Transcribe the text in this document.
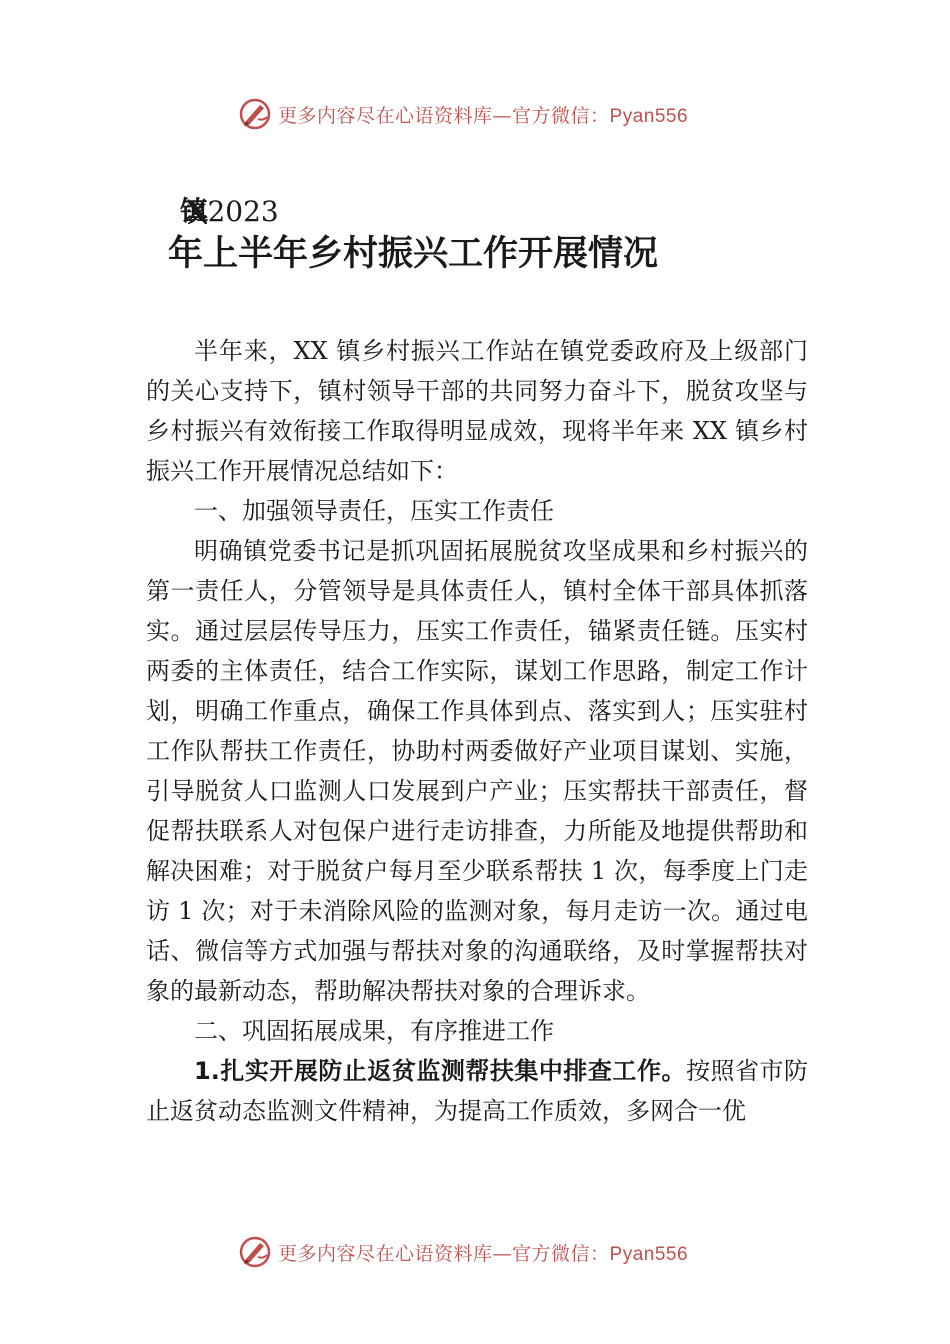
更多内容尽在心语资料库—官方微信：Pyan556
镇XX 2023
年上半年乡村振兴工作开展情况

半年来，XX 镇乡村振兴工作站在镇党委政府及上级部门的关心支持下，镇村领导干部的共同努力奋斗下，脱贫攻坚与乡村振兴有效衔接工作取得明显成效，现将半年来 XX 镇乡村振兴工作开展情况总结如下：

一、加强领导责任，压实工作责任

明确镇党委书记是抓巩固拓展脱贫攻坚成果和乡村振兴的第一责任人，分管领导是具体责任人，镇村全体干部具体抓落实。通过层层传导压力，压实工作责任，锚紧责任链。压实村两委的主体责任，结合工作实际，谋划工作思路，制定工作计划，明确工作重点，确保工作具体到点、落实到人；压实驻村工作队帮扶工作责任，协助村两委做好产业项目谋划、实施，引导脱贫人口监测人口发展到户产业；压实帮扶干部责任，督促帮扶联系人对包保户进行走访排查，力所能及地提供帮助和解决困难；对于脱贫户每月至少联系帮扶 1 次，每季度上门走访 1 次；对于未消除风险的监测对象，每月走访一次。通过电话、微信等方式加强与帮扶对象的沟通联络，及时掌握帮扶对象的最新动态，帮助解决帮扶对象的合理诉求。

二、巩固拓展成果，有序推进工作

1.扎实开展防止返贫监测帮扶集中排查工作。按照省市防止返贫动态监测文件精神，为提高工作质效，多网合一优

更多内容尽在心语资料库—官方微信：Pyan556
